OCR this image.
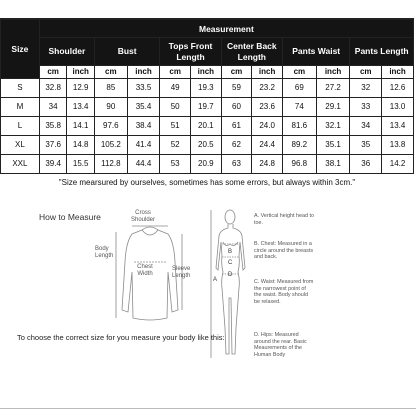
Size	Measurement											
	Shoulder		Bust		Tops Front Length		Center Back Length		Pants Waist		Pants Length	
	cm	inch	cm	inch	cm	inch	cm	inch	cm	inch	cm	inch
S	32.8	12.9	85	33.5	49	19.3	59	23.2	69	27.2	32	12.6
M	34	13.4	90	35.4	50	19.7	60	23.6	74	29.1	33	13.0
L	35.8	14.1	97.6	38.4	51	20.1	61	24.0	81.6	32.1	34	13.4
XL	37.6	14.8	105.2	41.4	52	20.5	62	24.4	89.2	35.1	35	13.8
XXL	39.4	15.5	112.8	44.4	53	20.9	63	24.8	96.8	38.1	36	14.2
"Size mearsured by ourselves, sometimes has some errors, but always within 3cm."
How to Measure	Cross Shoulder
Body Length
Chest Width
Sleeve Length
A
B
C
D
A. Vertical height head to toe.
B. Chest: Measured in a circle around the breasts and back.
C. Waist: Measured from the narrowest point of the waist. Body should be relaxed.
D. Hips: Measured around the rear. Basic Meaurements of the Human Body
To choose the correct size for you measure your body like this:
